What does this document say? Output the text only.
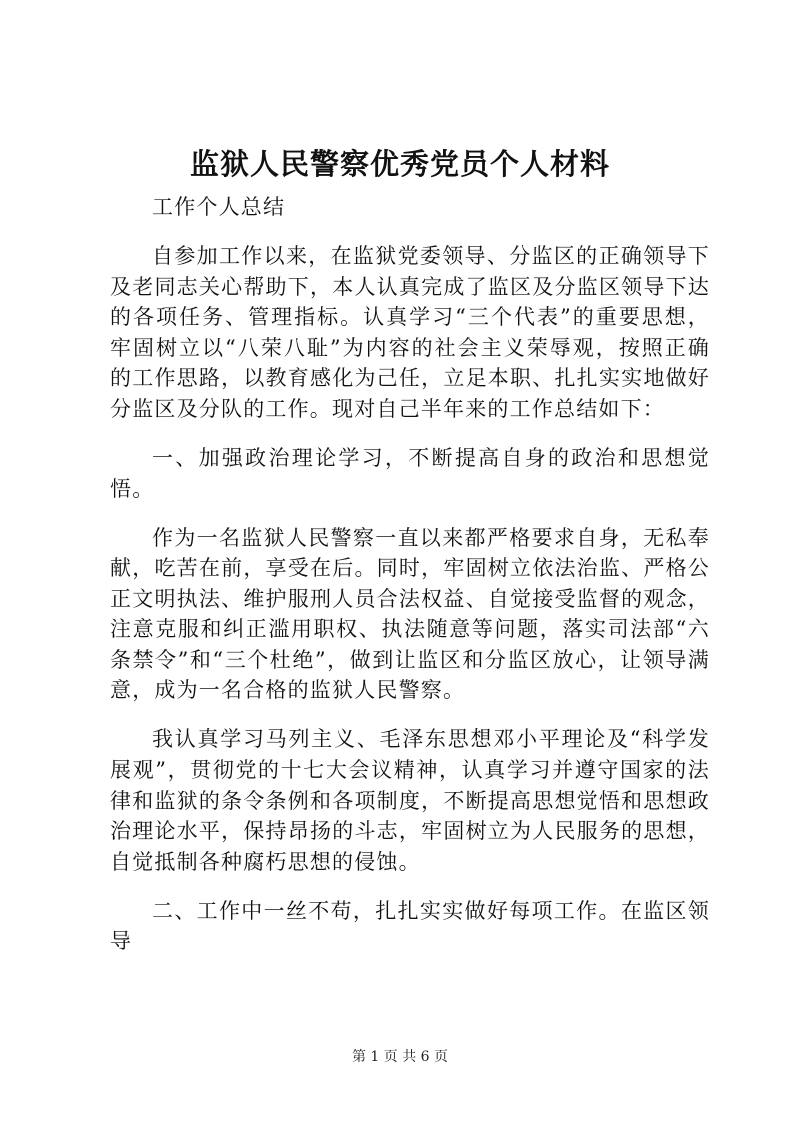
监狱人民警察优秀党员个人材料

工作个人总结

自参加工作以来，在监狱党委领导、分监区的正确领导下及老同志关心帮助下，本人认真完成了监区及分监区领导下达的各项任务、管理指标。认真学习“三个代表”的重要思想，牢固树立以“八荣八耻”为内容的社会主义荣辱观，按照正确的工作思路，以教育感化为己任，立足本职、扎扎实实地做好分监区及分队的工作。现对自己半年来的工作总结如下：

一、加强政治理论学习，不断提高自身的政治和思想觉悟。

作为一名监狱人民警察一直以来都严格要求自身，无私奉献，吃苦在前，享受在后。同时，牢固树立依法治监、严格公正文明执法、维护服刑人员合法权益、自觉接受监督的观念，注意克服和纠正滥用职权、执法随意等问题，落实司法部“六条禁令”和“三个杜绝”，做到让监区和分监区放心，让领导满意，成为一名合格的监狱人民警察。

我认真学习马列主义、毛泽东思想邓小平理论及“科学发展观”，贯彻党的十七大会议精神，认真学习并遵守国家的法律和监狱的条令条例和各项制度，不断提高思想觉悟和思想政治理论水平，保持昂扬的斗志，牢固树立为人民服务的思想，自觉抵制各种腐朽思想的侵蚀。

二、工作中一丝不苟，扎扎实实做好每项工作。在监区领导

第 1 页 共 6 页
